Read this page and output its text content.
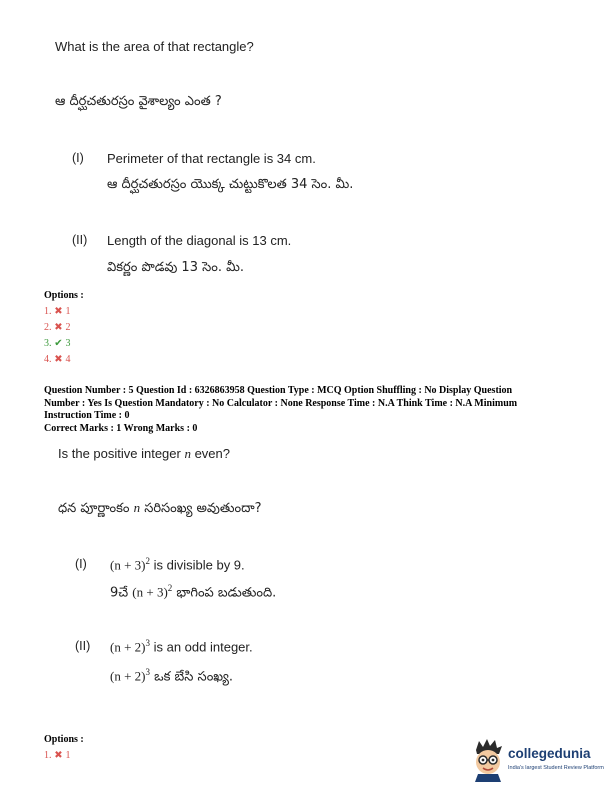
What is the area of that rectangle?
ఆ దీర్ఘచతురస్రం వైశాల్యం ఎంత ?
(I) Perimeter of that rectangle is 34 cm.
ఆ దీర్ఘచతురస్రం యొక్క చుట్టుకొలత 34 సెం. మీ.
(II) Length of the diagonal is 13 cm.
వికర్ణం పొడవు 13 సెం. మీ.
Options :
1. ✖ 1
2. ✖ 2
3. ✔ 3
4. ✖ 4
Question Number : 5 Question Id : 6326863958 Question Type : MCQ Option Shuffling : No Display Question
Number : Yes Is Question Mandatory : No Calculator : None Response Time : N.A Think Time : N.A Minimum
Instruction Time : 0
Correct Marks : 1 Wrong Marks : 0
Is the positive integer n even?
ధన పూర్ణాంకం n సరిసంఖ్య అవుతుందా?
(I) $(n + 3)^2$ is divisible by 9.
9చే $(n + 3)^2$ భాగింప బడుతుంది.
(II) $(n + 2)^3$ is an odd integer.
$(n + 2)^3$ ఒక బేసి సంఖ్య.
Options :
1. ✖ 1	collegedunia
India's largest Student Review Platform
